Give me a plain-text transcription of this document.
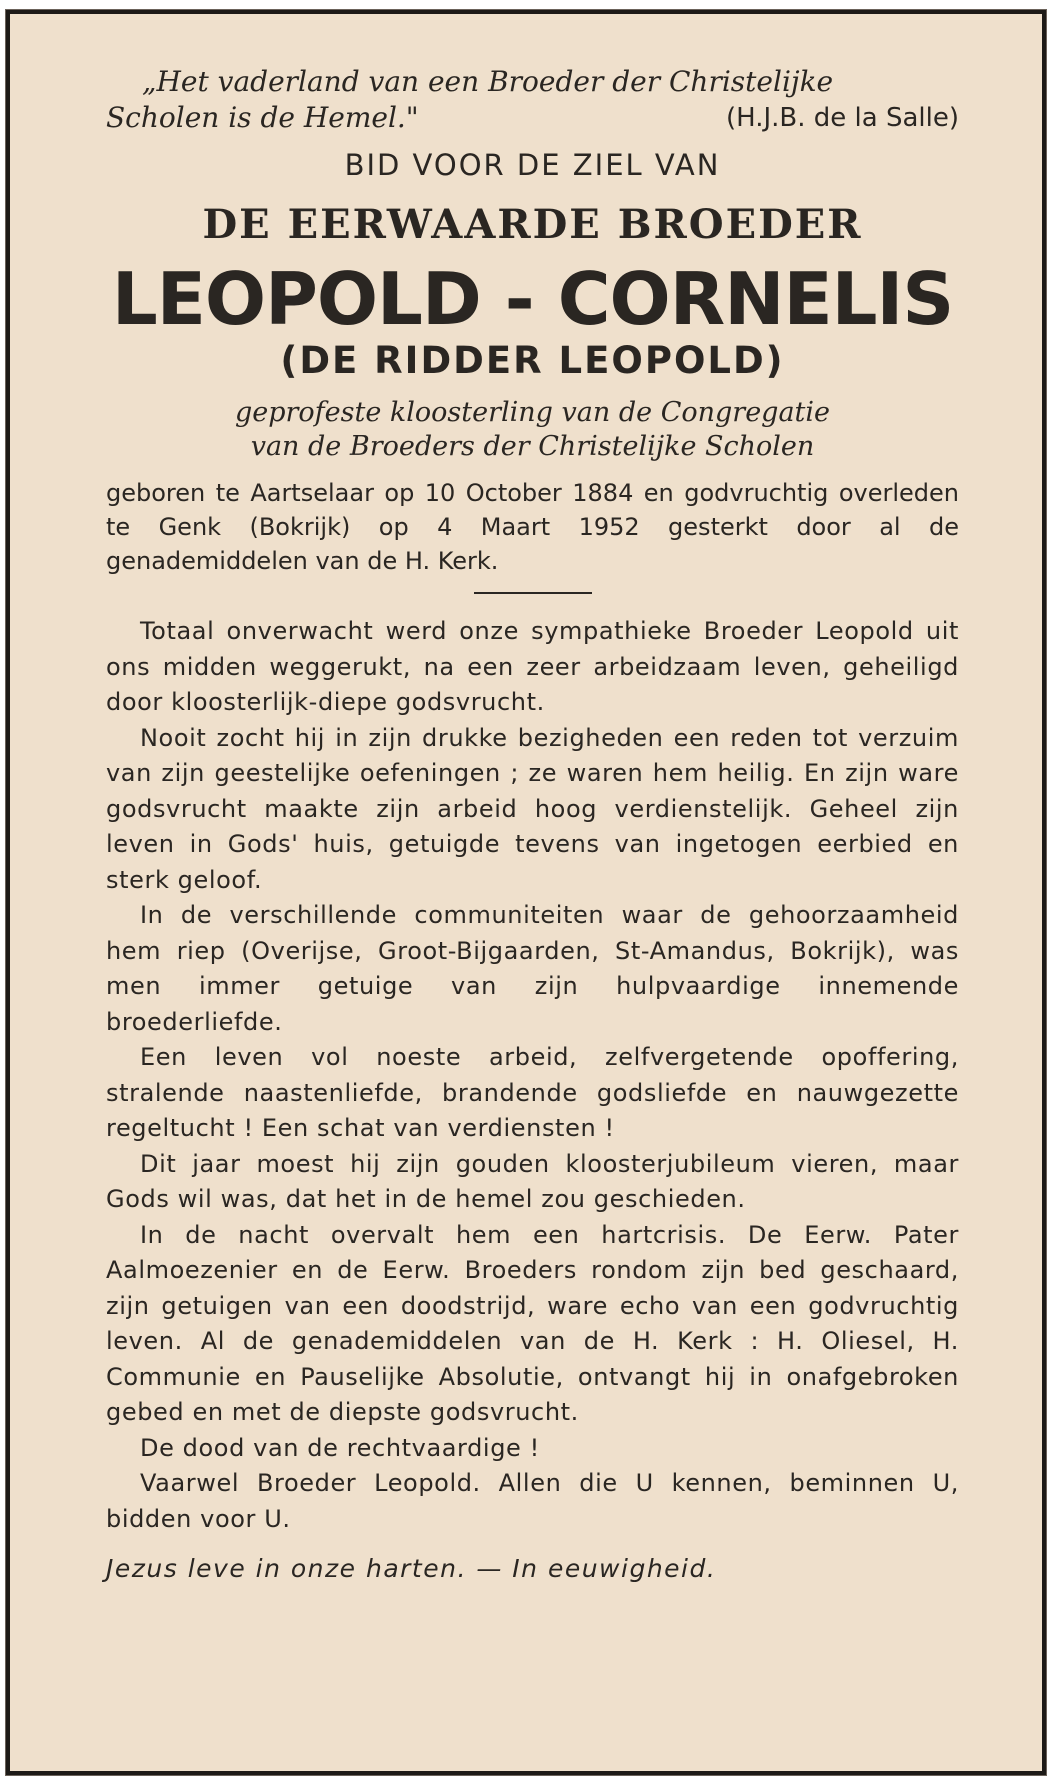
„Het vaderland van een Broeder der Christelijke
Scholen is de Hemel."	(H.J.B. de la Salle)
BID VOOR DE ZIEL VAN
DE EERWAARDE BROEDER
LEOPOLD - CORNELIS
(DE RIDDER LEOPOLD)
geprofeste kloosterling van de Congregatie
van de Broeders der Christelijke Scholen
geboren te Aartselaar op 10 October 1884 en godvruchtig overleden te Genk (Bokrijk) op 4 Maart 1952 gesterkt door al de genademiddelen van de H. Kerk.

Totaal onverwacht werd onze sympathieke Broeder Leopold uit ons midden weggerukt, na een zeer arbeidzaam leven, geheiligd door kloosterlijk-diepe godsvrucht.

Nooit zocht hij in zijn drukke bezigheden een reden tot verzuim van zijn geestelijke oefeningen ; ze waren hem heilig. En zijn ware godsvrucht maakte zijn arbeid hoog verdienstelijk. Geheel zijn leven in Gods' huis, getuigde tevens van ingetogen eerbied en sterk geloof.

In de verschillende communiteiten waar de gehoorzaamheid hem riep (Overijse, Groot-Bijgaarden, St-Amandus, Bokrijk), was men immer getuige van zijn hulpvaardige innemende broederliefde.

Een leven vol noeste arbeid, zelfvergetende opoffering, stralende naastenliefde, brandende godsliefde en nauwgezette regeltucht ! Een schat van verdiensten !

Dit jaar moest hij zijn gouden kloosterjubileum vieren, maar Gods wil was, dat het in de hemel zou geschieden.

In de nacht overvalt hem een hartcrisis. De Eerw. Pater Aalmoezenier en de Eerw. Broeders rondom zijn bed geschaard, zijn getuigen van een doodstrijd, ware echo van een godvruchtig leven. Al de genademiddelen van de H. Kerk : H. Oliesel, H. Communie en Pauselijke Absolutie, ontvangt hij in onafgebroken gebed en met de diepste godsvrucht.

De dood van de rechtvaardige !

Vaarwel Broeder Leopold. Allen die U kennen, beminnen U, bidden voor U.

Jezus leve in onze harten. — In eeuwigheid.
